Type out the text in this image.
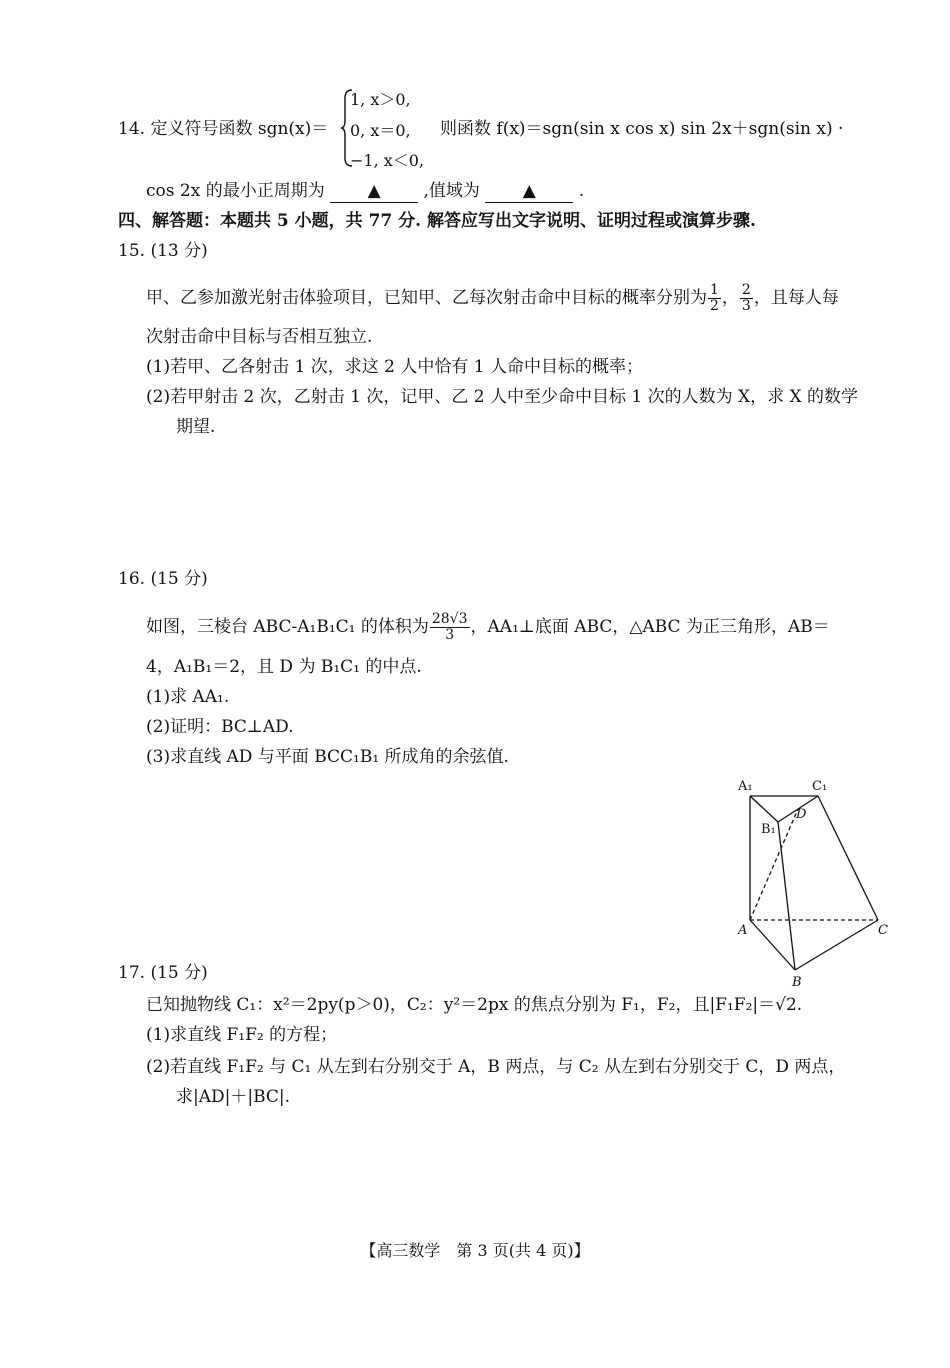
14. 定义符号函数 sgn(x)＝
1, x＞0,
0, x＝0,
−1, x＜0,
则函数 f(x)＝sgn(sin x cos x) sin 2x＋sgn(sin x) ·
cos 2x 的最小正周期为	▲	,值域为	▲	.
四、解答题：本题共 5 小题，共 77 分. 解答应写出文字说明、证明过程或演算步骤.
15. (13 分)
甲、乙参加激光射击体验项目，已知甲、乙每次射击命中目标的概率分别为 $\frac{1}{2}$ ， $\frac{2}{3}$ ，且每人每
次射击命中目标与否相互独立.
(1)若甲、乙各射击 1 次，求这 2 人中恰有 1 人命中目标的概率；
(2)若甲射击 2 次，乙射击 1 次，记甲、乙 2 人中至少命中目标 1 次的人数为 X，求 X 的数学
期望.
16. (15 分)
如图，三棱台 ABC-A₁B₁C₁ 的体积为 $\frac{28√3}{3}$ ，AA₁⊥底面 ABC，△ABC 为正三角形，AB＝
4，A₁B₁＝2，且 D 为 B₁C₁ 的中点.
(1)求 AA₁.
(2)证明：BC⊥AD.
(3)求直线 AD 与平面 BCC₁B₁ 所成角的余弦值.
A₁	C₁
B₁
D
A
B
C
17. (15 分)
已知抛物线 C₁：x²＝2py(p＞0)，C₂：y²＝2px 的焦点分别为 F₁，F₂，且|F₁F₂|＝√2.
(1)求直线 F₁F₂ 的方程；
(2)若直线 F₁F₂ 与 C₁ 从左到右分别交于 A，B 两点，与 C₂ 从左到右分别交于 C，D 两点，
求|AD|＋|BC|.
【高三数学　第 3 页(共 4 页)】
